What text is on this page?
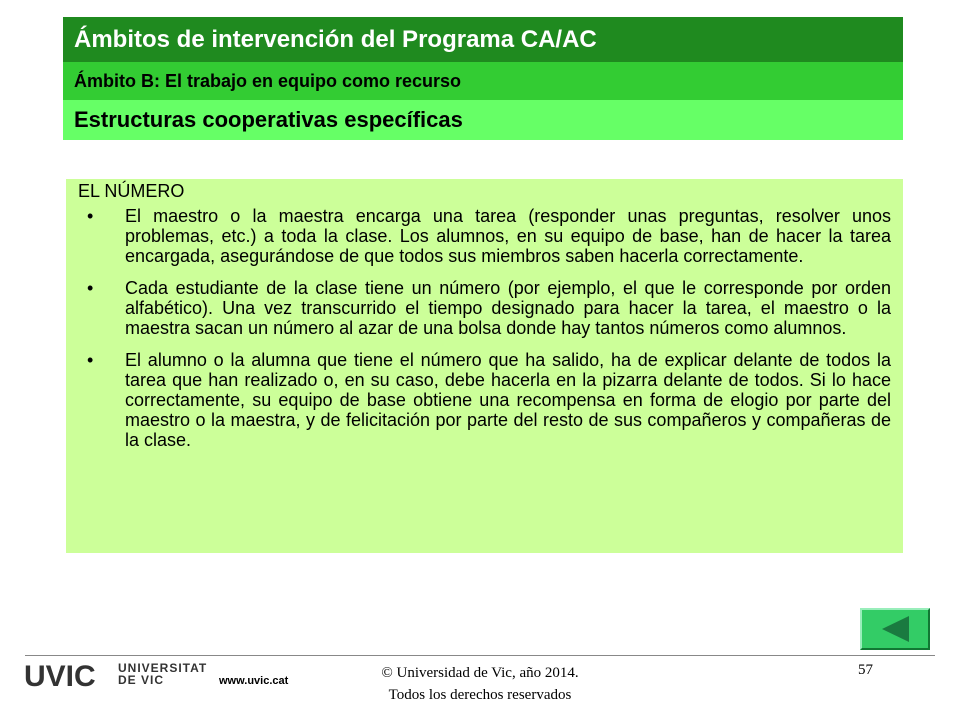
Ámbitos de intervención del Programa CA/AC
Ámbito B: El trabajo en equipo como recurso
Estructuras cooperativas específicas
EL NÚMERO
• El maestro o la maestra encarga una tarea (responder unas preguntas, resolver unos problemas, etc.) a toda la clase. Los alumnos, en su equipo de base, han de hacer la tarea encargada, asegurándose de que todos sus miembros saben hacerla correctamente.
• Cada estudiante de la clase tiene un número (por ejemplo, el que le corresponde por orden alfabético). Una vez transcurrido el tiempo designado para hacer la tarea, el maestro o la maestra sacan un número al azar de una bolsa donde hay tantos números como alumnos.
• El alumno o la alumna que tiene el número que ha salido, ha de explicar delante de todos la tarea que han realizado o, en su caso, debe hacerla en la pizarra delante de todos. Si lo hace correctamente, su equipo de base obtiene una recompensa en forma de elogio por parte del maestro o la maestra, y de felicitación por parte del resto de sus compañeros y compañeras de la clase.
UVIC UNIVERSITAT
DE VIC	www.uvic.cat	© Universidad de Vic, año 2014.
Todos los derechos reservados
57
